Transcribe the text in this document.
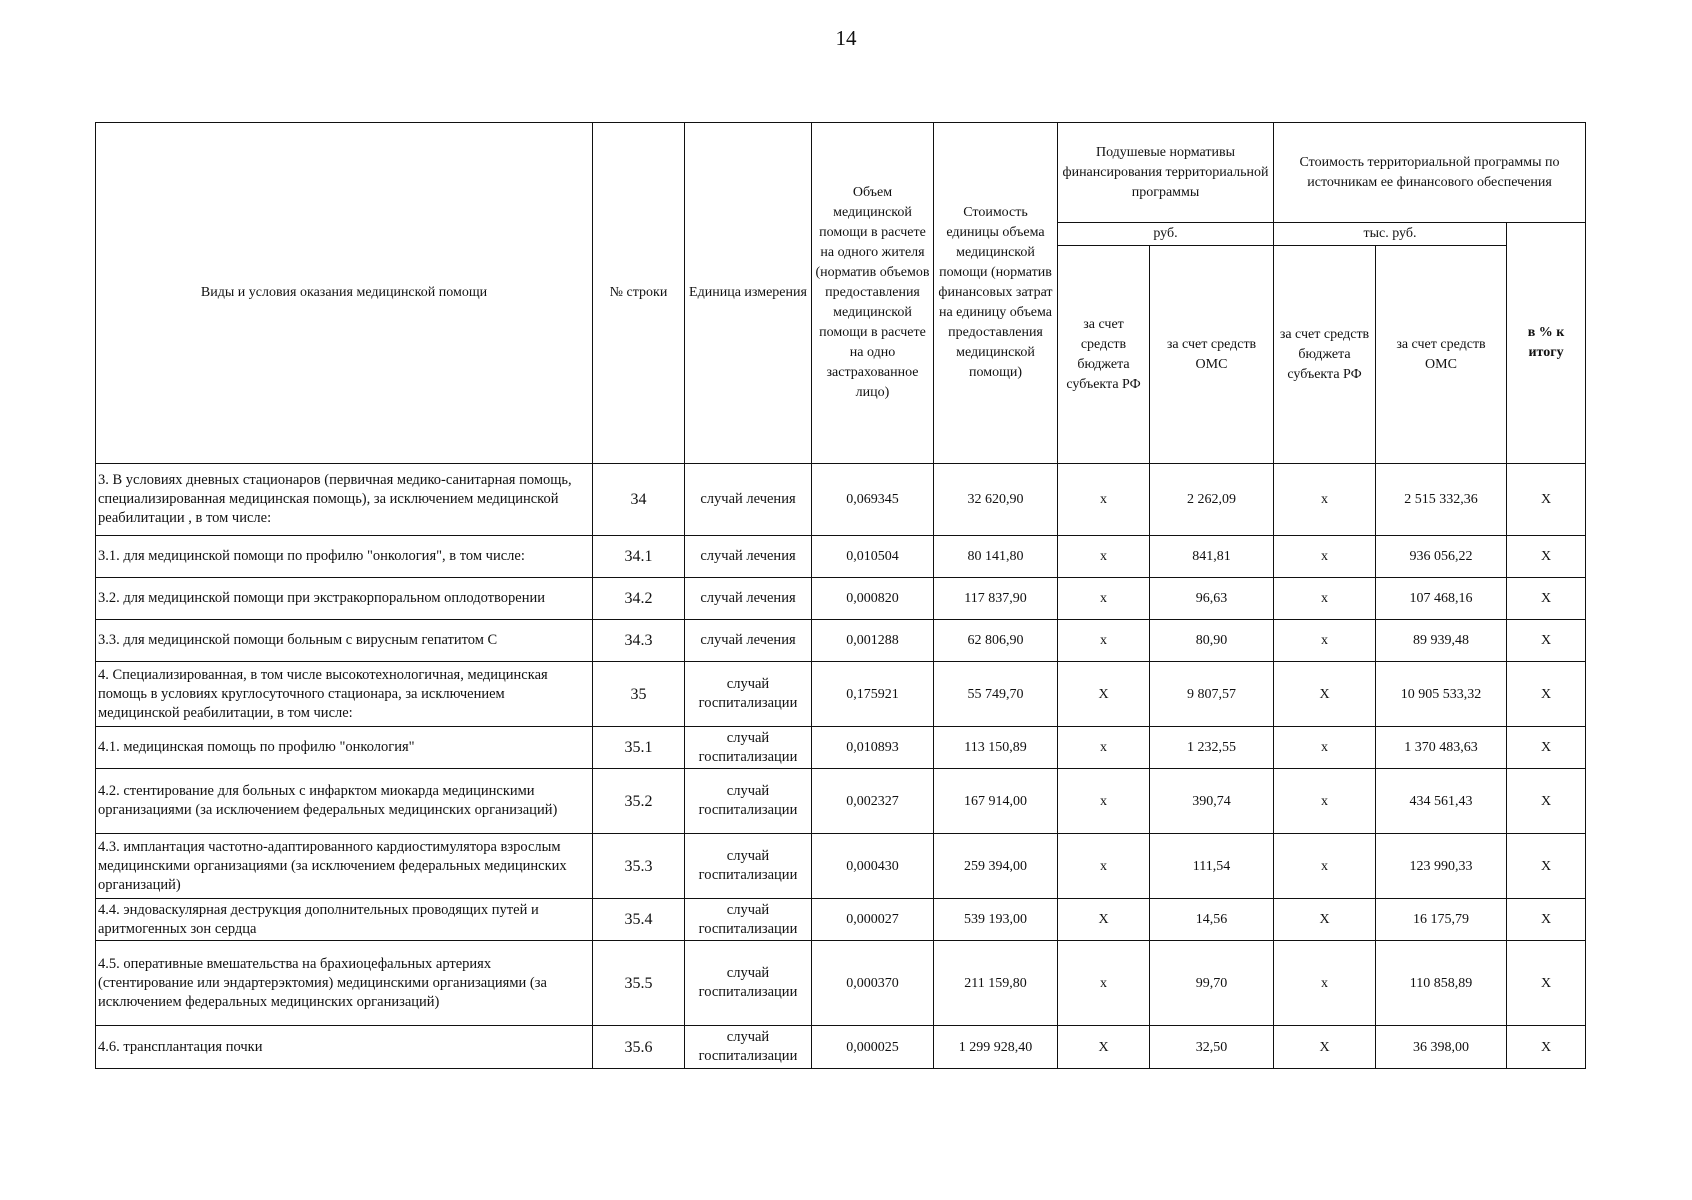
14
Виды и условия оказания медицинской помощи	№ строки	Единица измерения	Объем медицинской помощи в расчете на одного жителя (норматив объемов предоставления медицинской помощи в расчете на одно застрахованное лицо)	Стоимость единицы объема медицинской помощи (норматив финансовых затрат на единицу объема предоставления медицинской помощи)	Подушевые нормативы финансирования территориальной программы		Стоимость территориальной программы по источникам ее финансового обеспечения		
					руб.		тыс. руб.		в % к итогу
					за счет средств бюджета субъекта РФ	за счет средств ОМС	за счет средств бюджета субъекта РФ	за счет средств ОМС	
3. В условиях дневных стационаров (первичная медико-санитарная помощь, специализированная медицинская помощь), за исключением медицинской реабилитации , в том числе:	34	случай лечения	0,069345	32 620,90	х	2 262,09	х	2 515 332,36	Х
3.1. для медицинской помощи по профилю "онкология", в том числе:	34.1	случай лечения	0,010504	80 141,80	х	841,81	х	936 056,22	Х
3.2. для медицинской помощи при экстракорпоральном оплодотворении	34.2	случай лечения	0,000820	117 837,90	х	96,63	х	107 468,16	Х
3.3. для медицинской помощи больным с вирусным гепатитом С	34.3	случай лечения	0,001288	62 806,90	х	80,90	х	89 939,48	Х
4. Специализированная, в том числе высокотехнологичная, медицинская помощь в условиях круглосуточного стационара, за исключением медицинской реабилитации, в том числе:	35	случай госпитализации	0,175921	55 749,70	Х	9 807,57	Х	10 905 533,32	Х
4.1. медицинская помощь по профилю "онкология"	35.1	случай госпитализации	0,010893	113 150,89	х	1 232,55	х	1 370 483,63	Х
4.2. стентирование для больных с инфарктом миокарда медицинскими организациями (за исключением федеральных медицинских организаций)	35.2	случай госпитализации	0,002327	167 914,00	х	390,74	х	434 561,43	Х
4.3. имплантация частотно-адаптированного кардиостимулятора взрослым медицинскими организациями (за исключением федеральных медицинских организаций)	35.3	случай госпитализации	0,000430	259 394,00	х	111,54	х	123 990,33	Х
4.4. эндоваскулярная деструкция дополнительных проводящих путей и аритмогенных зон сердца	35.4	случай госпитализации	0,000027	539 193,00	Х	14,56	Х	16 175,79	Х
4.5. оперативные вмешательства на брахиоцефальных артериях (стентирование или эндартерэктомия) медицинскими организациями (за исключением федеральных медицинских организаций)	35.5	случай госпитализации	0,000370	211 159,80	х	99,70	х	110 858,89	Х
4.6. трансплантация почки	35.6	случай госпитализации	0,000025	1 299 928,40	Х	32,50	Х	36 398,00	Х
